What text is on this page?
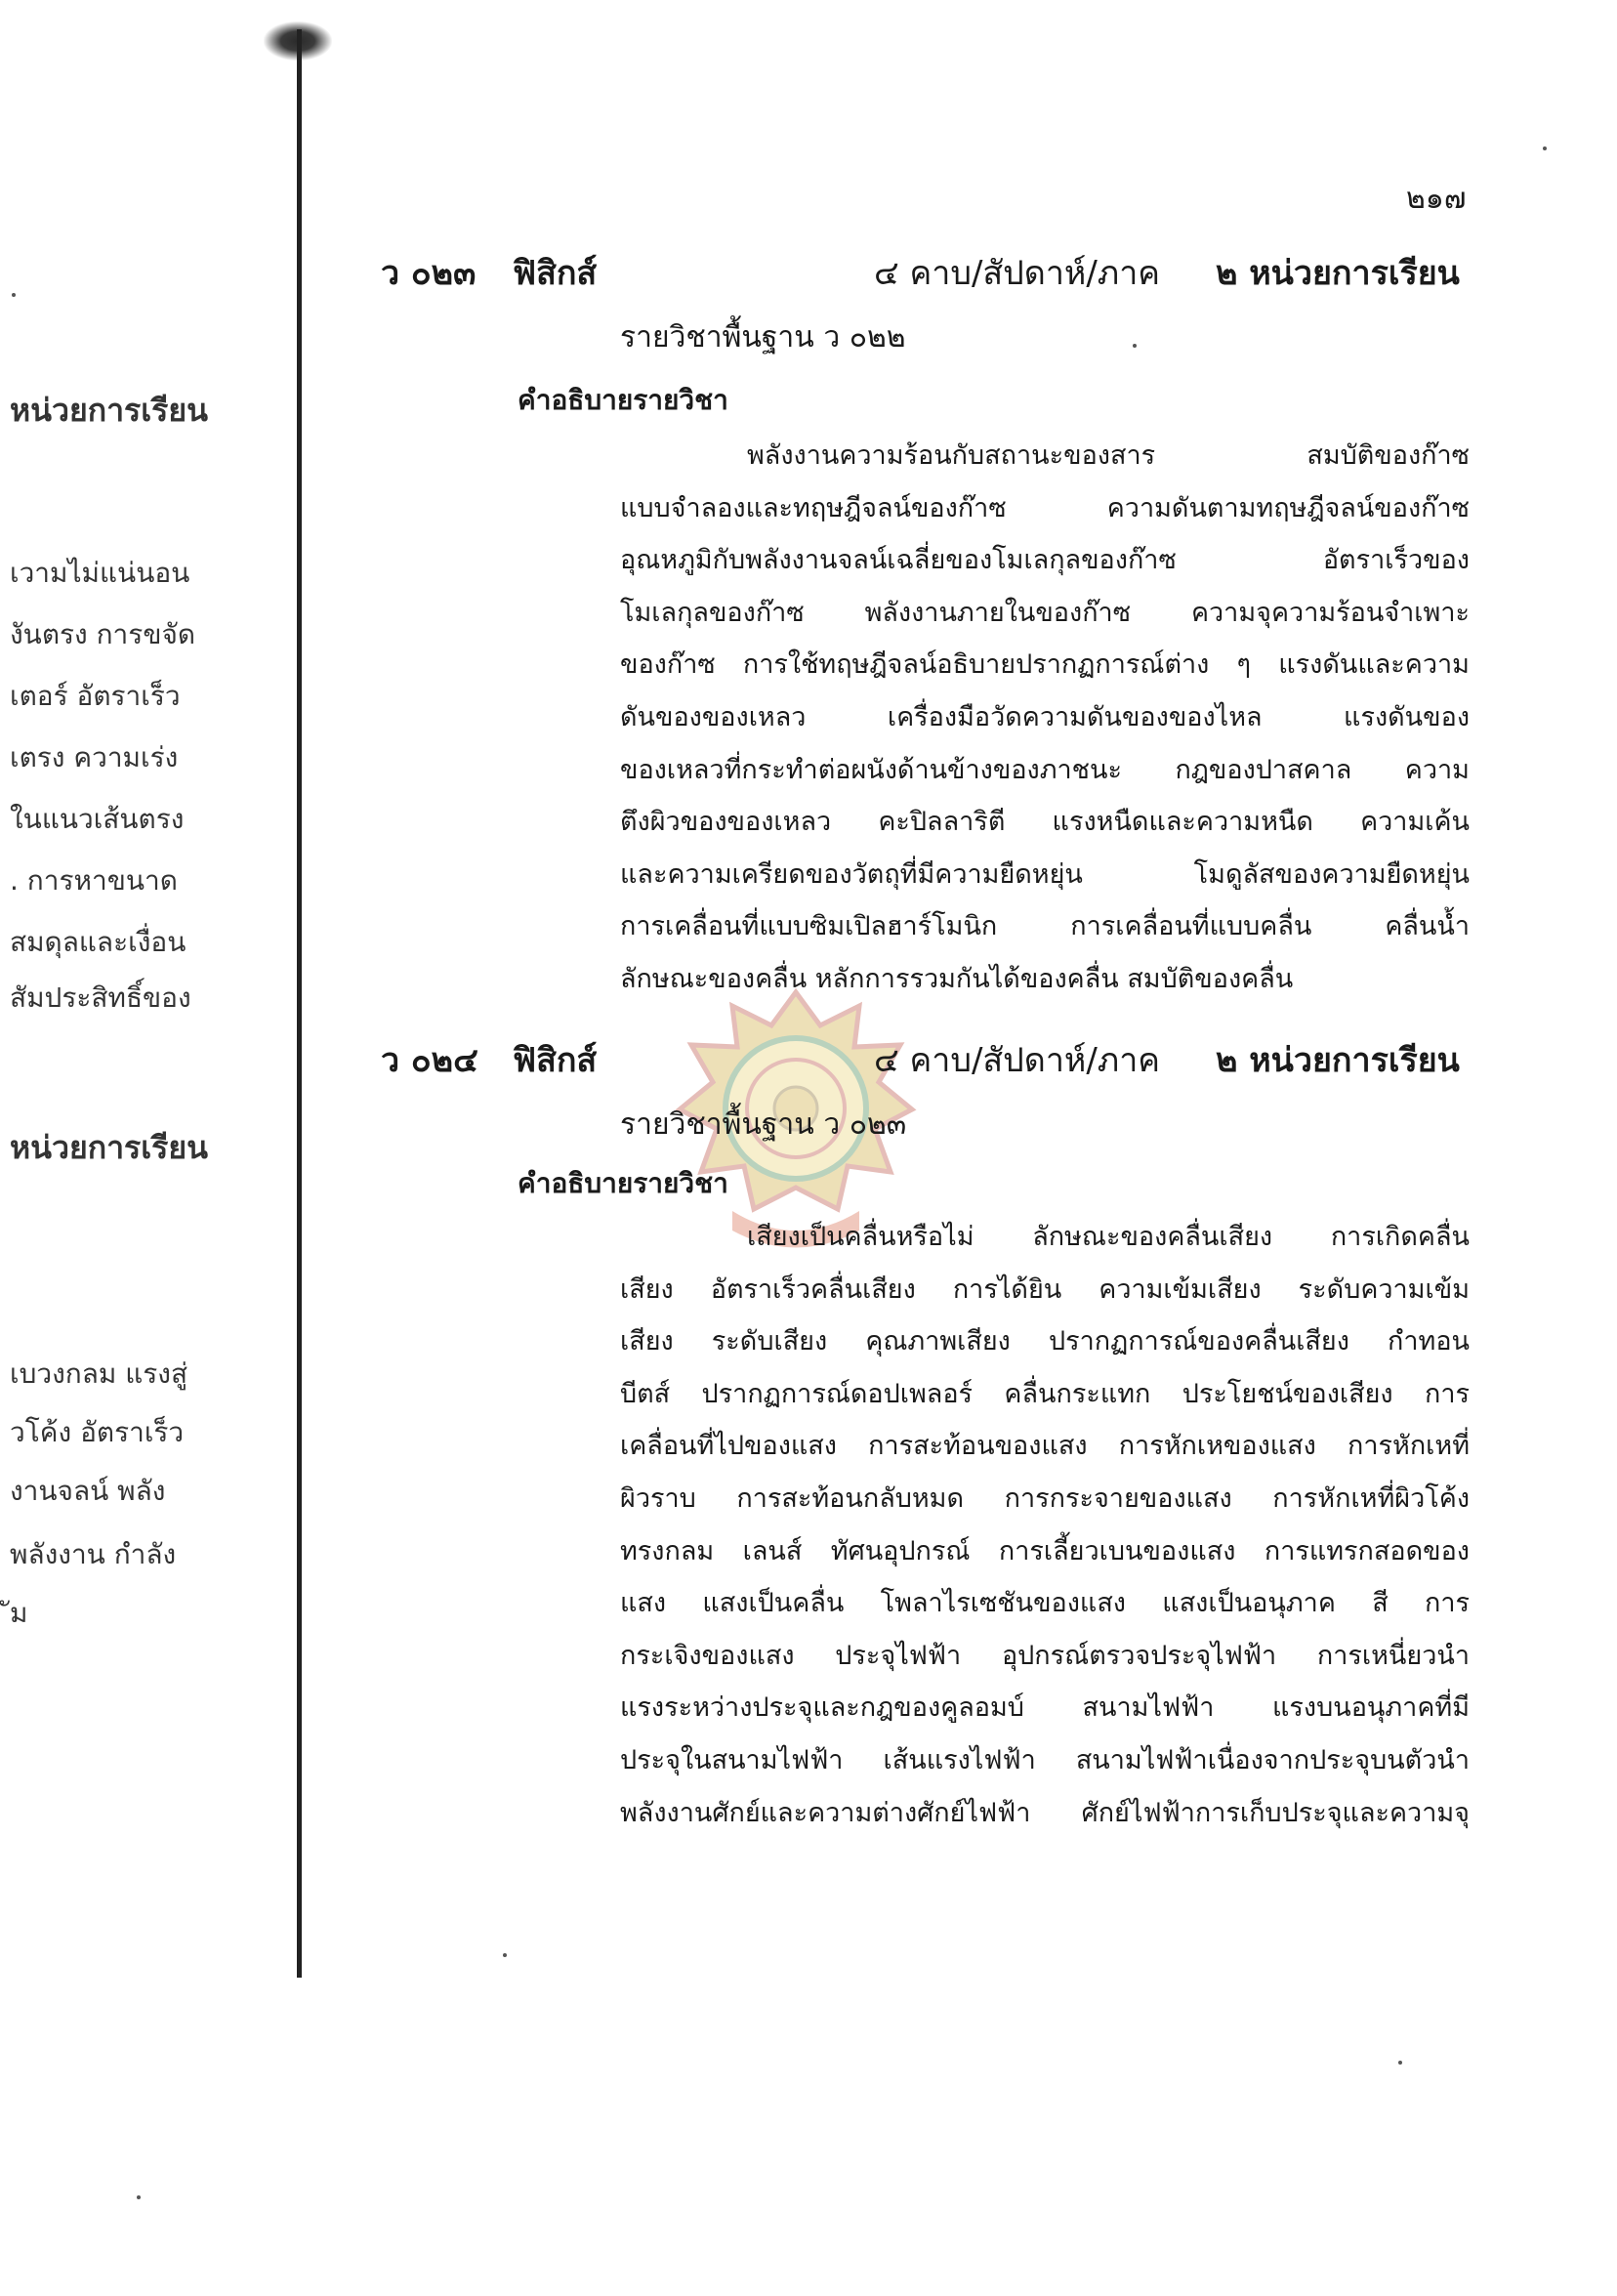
หน่วยการเรียน
เวามไม่แน่นอน
งันตรง การขจัด
เตอร์ อัตราเร็ว
เตรง ความเร่ง
ในแนวเส้นตรง
. การหาขนาด
สมดุลและเงื่อน
สัมประสิทธิ์ของ
หน่วยการเรียน
เบวงกลม แรงสู่
วโค้ง อัตราเร็ว
งานจลน์ พลัง
พลังงาน กำลัง
ัม
๒๑๗
ว ๐๒๓ ฟิสิกส์	๔ คาบ/สัปดาห์/ภาค ๒ หน่วยการเรียน
รายวิชาพื้นฐาน ว ๐๒๒
คำอธิบายรายวิชา
พลังงานความร้อนกับสถานะของสาร สมบัติของก๊าซ
แบบจำลองและทฤษฎีจลน์ของก๊าซ ความดันตามทฤษฎีจลน์ของก๊าซ
อุณหภูมิกับพลังงานจลน์เฉลี่ยของโมเลกุลของก๊าซ อัตราเร็วของ
โมเลกุลของก๊าซ พลังงานภายในของก๊าซ ความจุความร้อนจำเพาะ
ของก๊าซ การใช้ทฤษฎีจลน์อธิบายปรากฏการณ์ต่าง ๆ แรงดันและความ
ดันของของเหลว เครื่องมือวัดความดันของของไหล แรงดันของ
ของเหลวที่กระทำต่อผนังด้านข้างของภาชนะ กฎของปาสคาล ความ
ตึงผิวของของเหลว คะปิลลาริตี แรงหนืดและความหนืด ความเค้น
และความเครียดของวัตถุที่มีความยืดหยุ่น โมดูลัสของความยืดหยุ่น
การเคลื่อนที่แบบซิมเปิลฮาร์โมนิก การเคลื่อนที่แบบคลื่น คลื่นน้ำ
ลักษณะของคลื่น หลักการรวมกันได้ของคลื่น สมบัติของคลื่น
ว ๐๒๔ ฟิสิกส์	๔ คาบ/สัปดาห์/ภาค ๒ หน่วยการเรียน
รายวิชาพื้นฐาน ว ๐๒๓
คำอธิบายรายวิชา
เสียงเป็นคลื่นหรือไม่ ลักษณะของคลื่นเสียง การเกิดคลื่น
เสียง อัตราเร็วคลื่นเสียง การได้ยิน ความเข้มเสียง ระดับความเข้ม
เสียง ระดับเสียง คุณภาพเสียง ปรากฏการณ์ของคลื่นเสียง กำทอน
บีตส์ ปรากฏการณ์ดอปเพลอร์ คลื่นกระแทก ประโยชน์ของเสียง การ
เคลื่อนที่ไปของแสง การสะท้อนของแสง การหักเหของแสง การหักเหที่
ผิวราบ การสะท้อนกลับหมด การกระจายของแสง การหักเหที่ผิวโค้ง
ทรงกลม เลนส์ ทัศนอุปกรณ์ การเลี้ยวเบนของแสง การแทรกสอดของ
แสง แสงเป็นคลื่น โพลาไรเซชันของแสง แสงเป็นอนุภาค สี การ
กระเจิงของแสง ประจุไฟฟ้า อุปกรณ์ตรวจประจุไฟฟ้า การเหนี่ยวนำ
แรงระหว่างประจุและกฎของคูลอมบ์ สนามไฟฟ้า แรงบนอนุภาคที่มี
ประจุในสนามไฟฟ้า เส้นแรงไฟฟ้า สนามไฟฟ้าเนื่องจากประจุบนตัวนำ
พลังงานศักย์และความต่างศักย์ไฟฟ้า ศักย์ไฟฟ้าการเก็บประจุและความจุ
